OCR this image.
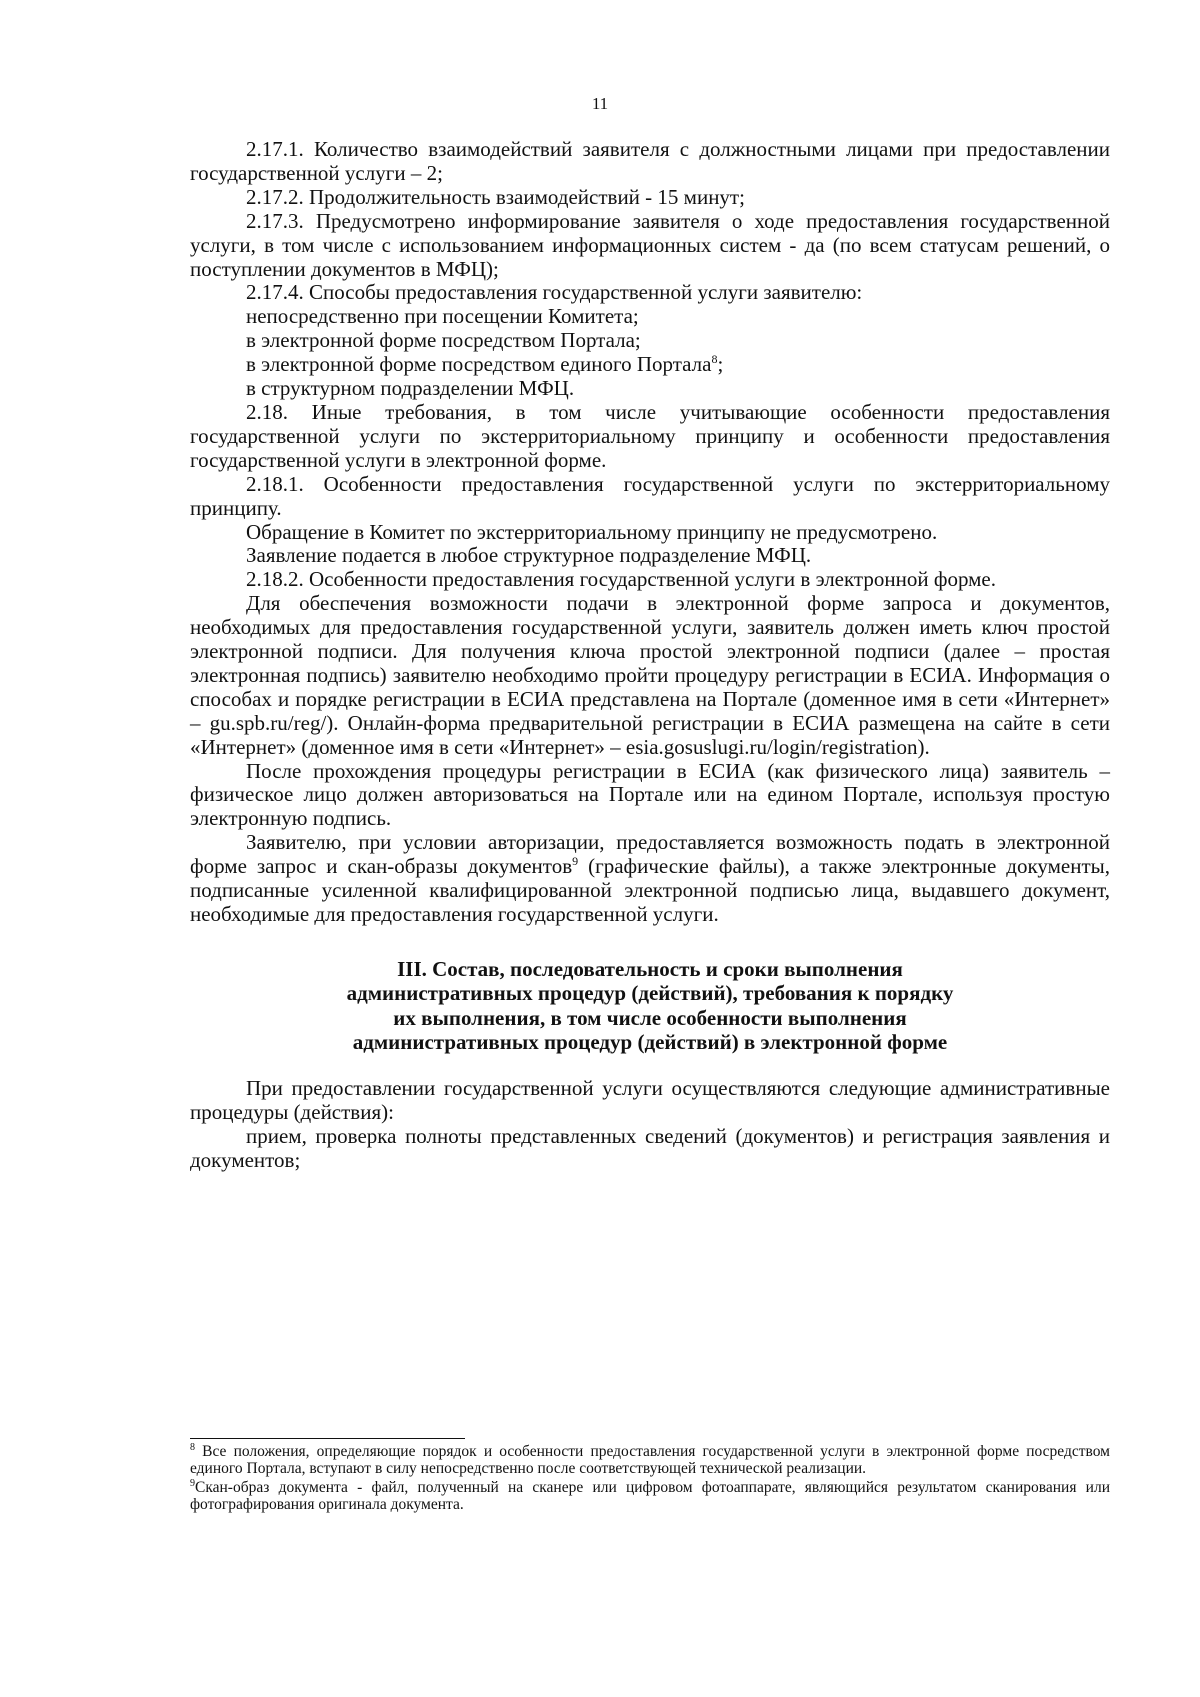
11

2.17.1. Количество взаимодействий заявителя с должностными лицами при предоставлении государственной услуги – 2;

2.17.2. Продолжительность взаимодействий - 15 минут;

2.17.3. Предусмотрено информирование заявителя о ходе предоставления государственной услуги, в том числе с использованием информационных систем - да (по всем статусам решений, о поступлении документов в МФЦ);

2.17.4. Способы предоставления государственной услуги заявителю:

непосредственно при посещении Комитета;

в электронной форме посредством Портала;

в электронной форме посредством единого Портала$^8$;

в структурном подразделении МФЦ.

2.18. Иные требования, в том числе учитывающие особенности предоставления государственной услуги по экстерриториальному принципу и особенности предоставления государственной услуги в электронной форме.

2.18.1. Особенности предоставления государственной услуги по экстерриториальному принципу.

Обращение в Комитет по экстерриториальному принципу не предусмотрено.

Заявление подается в любое структурное подразделение МФЦ.

2.18.2. Особенности предоставления государственной услуги в электронной форме.

Для обеспечения возможности подачи в электронной форме запроса и документов, необходимых для предоставления государственной услуги, заявитель должен иметь ключ простой электронной подписи. Для получения ключа простой электронной подписи (далее – простая электронная подпись) заявителю необходимо пройти процедуру регистрации в ЕСИА. Информация о способах и порядке регистрации в ЕСИА представлена на Портале (доменное имя в сети «Интернет» – gu.spb.ru/reg/). Онлайн-форма предварительной регистрации в ЕСИА размещена на сайте в сети «Интернет» (доменное имя в сети «Интернет» – esia.gosuslugi.ru/login/registration).

После прохождения процедуры регистрации в ЕСИА (как физического лица) заявитель – физическое лицо должен авторизоваться на Портале или на едином Портале, используя простую электронную подпись.

Заявителю, при условии авторизации, предоставляется возможность подать в электронной форме запрос и скан-образы документов$^9$ (графические файлы), а также электронные документы, подписанные усиленной квалифицированной электронной подписью лица, выдавшего документ, необходимые для предоставления государственной услуги.

III. Состав, последовательность и сроки выполнения
административных процедур (действий), требования к порядку
их выполнения, в том числе особенности выполнения
административных процедур (действий) в электронной форме

При предоставлении государственной услуги осуществляются следующие административные процедуры (действия):

прием, проверка полноты представленных сведений (документов) и регистрация заявления и документов;

$^8$ Все положения, определяющие порядок и особенности предоставления государственной услуги в электронной форме посредством единого Портала, вступают в силу непосредственно после соответствующей технической реализации.

$^9$Скан-образ документа - файл, полученный на сканере или цифровом фотоаппарате, являющийся результатом сканирования или фотографирования оригинала документа.
